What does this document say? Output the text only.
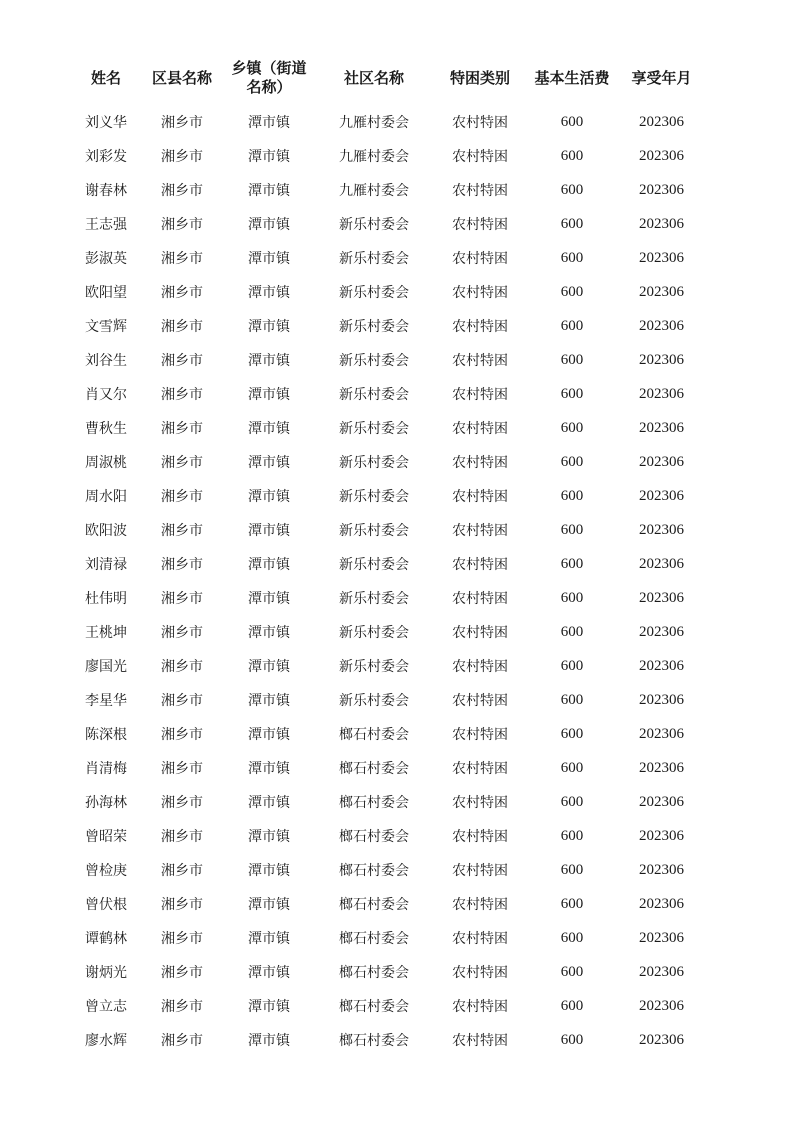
姓名	区县名称	乡镇（街道
名称）	社区名称	特困类别	基本生活费	享受年月

刘义华	湘乡市	潭市镇	九雁村委会	农村特困	600	202306
刘彩发	湘乡市	潭市镇	九雁村委会	农村特困	600	202306
谢春林	湘乡市	潭市镇	九雁村委会	农村特困	600	202306
王志强	湘乡市	潭市镇	新乐村委会	农村特困	600	202306
彭淑英	湘乡市	潭市镇	新乐村委会	农村特困	600	202306
欧阳望	湘乡市	潭市镇	新乐村委会	农村特困	600	202306
文雪辉	湘乡市	潭市镇	新乐村委会	农村特困	600	202306
刘谷生	湘乡市	潭市镇	新乐村委会	农村特困	600	202306
肖又尔	湘乡市	潭市镇	新乐村委会	农村特困	600	202306
曹秋生	湘乡市	潭市镇	新乐村委会	农村特困	600	202306
周淑桃	湘乡市	潭市镇	新乐村委会	农村特困	600	202306
周水阳	湘乡市	潭市镇	新乐村委会	农村特困	600	202306
欧阳波	湘乡市	潭市镇	新乐村委会	农村特困	600	202306
刘清禄	湘乡市	潭市镇	新乐村委会	农村特困	600	202306
杜伟明	湘乡市	潭市镇	新乐村委会	农村特困	600	202306
王桃坤	湘乡市	潭市镇	新乐村委会	农村特困	600	202306
廖国光	湘乡市	潭市镇	新乐村委会	农村特困	600	202306
李星华	湘乡市	潭市镇	新乐村委会	农村特困	600	202306
陈深根	湘乡市	潭市镇	榔石村委会	农村特困	600	202306
肖清梅	湘乡市	潭市镇	榔石村委会	农村特困	600	202306
孙海林	湘乡市	潭市镇	榔石村委会	农村特困	600	202306
曾昭荣	湘乡市	潭市镇	榔石村委会	农村特困	600	202306
曾检庚	湘乡市	潭市镇	榔石村委会	农村特困	600	202306
曾伏根	湘乡市	潭市镇	榔石村委会	农村特困	600	202306
谭鹤林	湘乡市	潭市镇	榔石村委会	农村特困	600	202306
谢炳光	湘乡市	潭市镇	榔石村委会	农村特困	600	202306
曾立志	湘乡市	潭市镇	榔石村委会	农村特困	600	202306
廖水辉	湘乡市	潭市镇	榔石村委会	农村特困	600	202306
